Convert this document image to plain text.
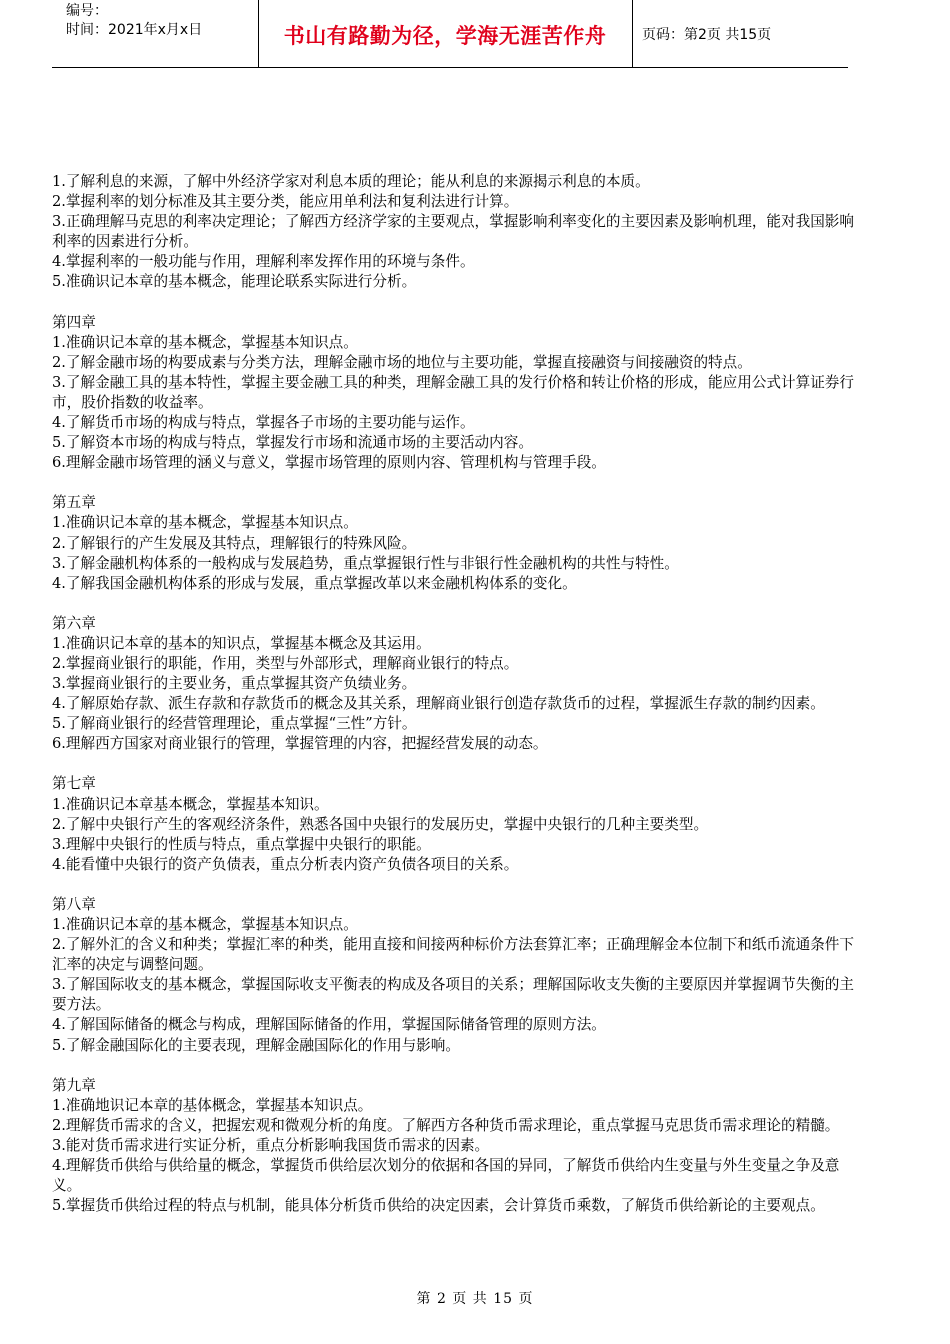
编号：
时间：2021年x月x日	书山有路勤为径，学海无涯苦作舟	页码：第2页 共15页

1.了解利息的来源，了解中外经济学家对利息本质的理论；能从利息的来源揭示利息的本质。

2.掌握利率的划分标准及其主要分类，能应用单利法和复利法进行计算。

3.正确理解马克思的利率决定理论；了解西方经济学家的主要观点，掌握影响利率变化的主要因素及影响机理，能对我国影响利率的因素进行分析。

4.掌握利率的一般功能与作用，理解利率发挥作用的环境与条件。

5.准确识记本章的基本概念，能理论联系实际进行分析。

第四章

1.准确识记本章的基本概念，掌握基本知识点。

2.了解金融市场的构要成素与分类方法，理解金融市场的地位与主要功能，掌握直接融资与间接融资的特点。

3.了解金融工具的基本特性，掌握主要金融工具的种类，理解金融工具的发行价格和转让价格的形成，能应用公式计算证券行市，股价指数的收益率。

4.了解货币市场的构成与特点，掌握各子市场的主要功能与运作。

5.了解资本市场的构成与特点，掌握发行市场和流通市场的主要活动内容。

6.理解金融市场管理的涵义与意义，掌握市场管理的原则内容、管理机构与管理手段。

第五章

1.准确识记本章的基本概念，掌握基本知识点。

2.了解银行的产生发展及其特点，理解银行的特殊风险。

3.了解金融机构体系的一般构成与发展趋势，重点掌握银行性与非银行性金融机构的共性与特性。

4.了解我国金融机构体系的形成与发展，重点掌握改革以来金融机构体系的变化。

第六章

1.准确识记本章的基本的知识点，掌握基本概念及其运用。

2.掌握商业银行的职能，作用，类型与外部形式，理解商业银行的特点。

3.掌握商业银行的主要业务，重点掌握其资产负绩业务。

4.了解原始存款、派生存款和存款货币的概念及其关系，理解商业银行创造存款货币的过程，掌握派生存款的制约因素。

5.了解商业银行的经营管理理论，重点掌握“三性”方针。

6.理解西方国家对商业银行的管理，掌握管理的内容，把握经营发展的动态。

第七章

1.准确识记本章基本概念，掌握基本知识。

2.了解中央银行产生的客观经济条件，熟悉各国中央银行的发展历史，掌握中央银行的几种主要类型。

3.理解中央银行的性质与特点，重点掌握中央银行的职能。

4.能看懂中央银行的资产负债表，重点分析表内资产负债各项目的关系。

第八章

1.准确识记本章的基本概念，掌握基本知识点。

2.了解外汇的含义和种类；掌握汇率的种类，能用直接和间接两种标价方法套算汇率；正确理解金本位制下和纸币流通条件下汇率的决定与调整问题。

3.了解国际收支的基本概念，掌握国际收支平衡表的构成及各项目的关系；理解国际收支失衡的主要原因并掌握调节失衡的主要方法。

4.了解国际储备的概念与构成，理解国际储备的作用，掌握国际储备管理的原则方法。

5.了解金融国际化的主要表现，理解金融国际化的作用与影响。

第九章

1.准确地识记本章的基体概念，掌握基本知识点。

2.理解货币需求的含义，把握宏观和微观分析的角度。了解西方各种货币需求理论，重点掌握马克思货币需求理论的精髓。

3.能对货币需求进行实证分析，重点分析影响我国货币需求的因素。

4.理解货币供给与供给量的概念，掌握货币供给层次划分的依据和各国的异同，了解货币供给内生变量与外生变量之争及意义。

5.掌握货币供给过程的特点与机制，能具体分析货币供给的决定因素，会计算货币乘数，了解货币供给新论的主要观点。

第 2 页 共 15 页
